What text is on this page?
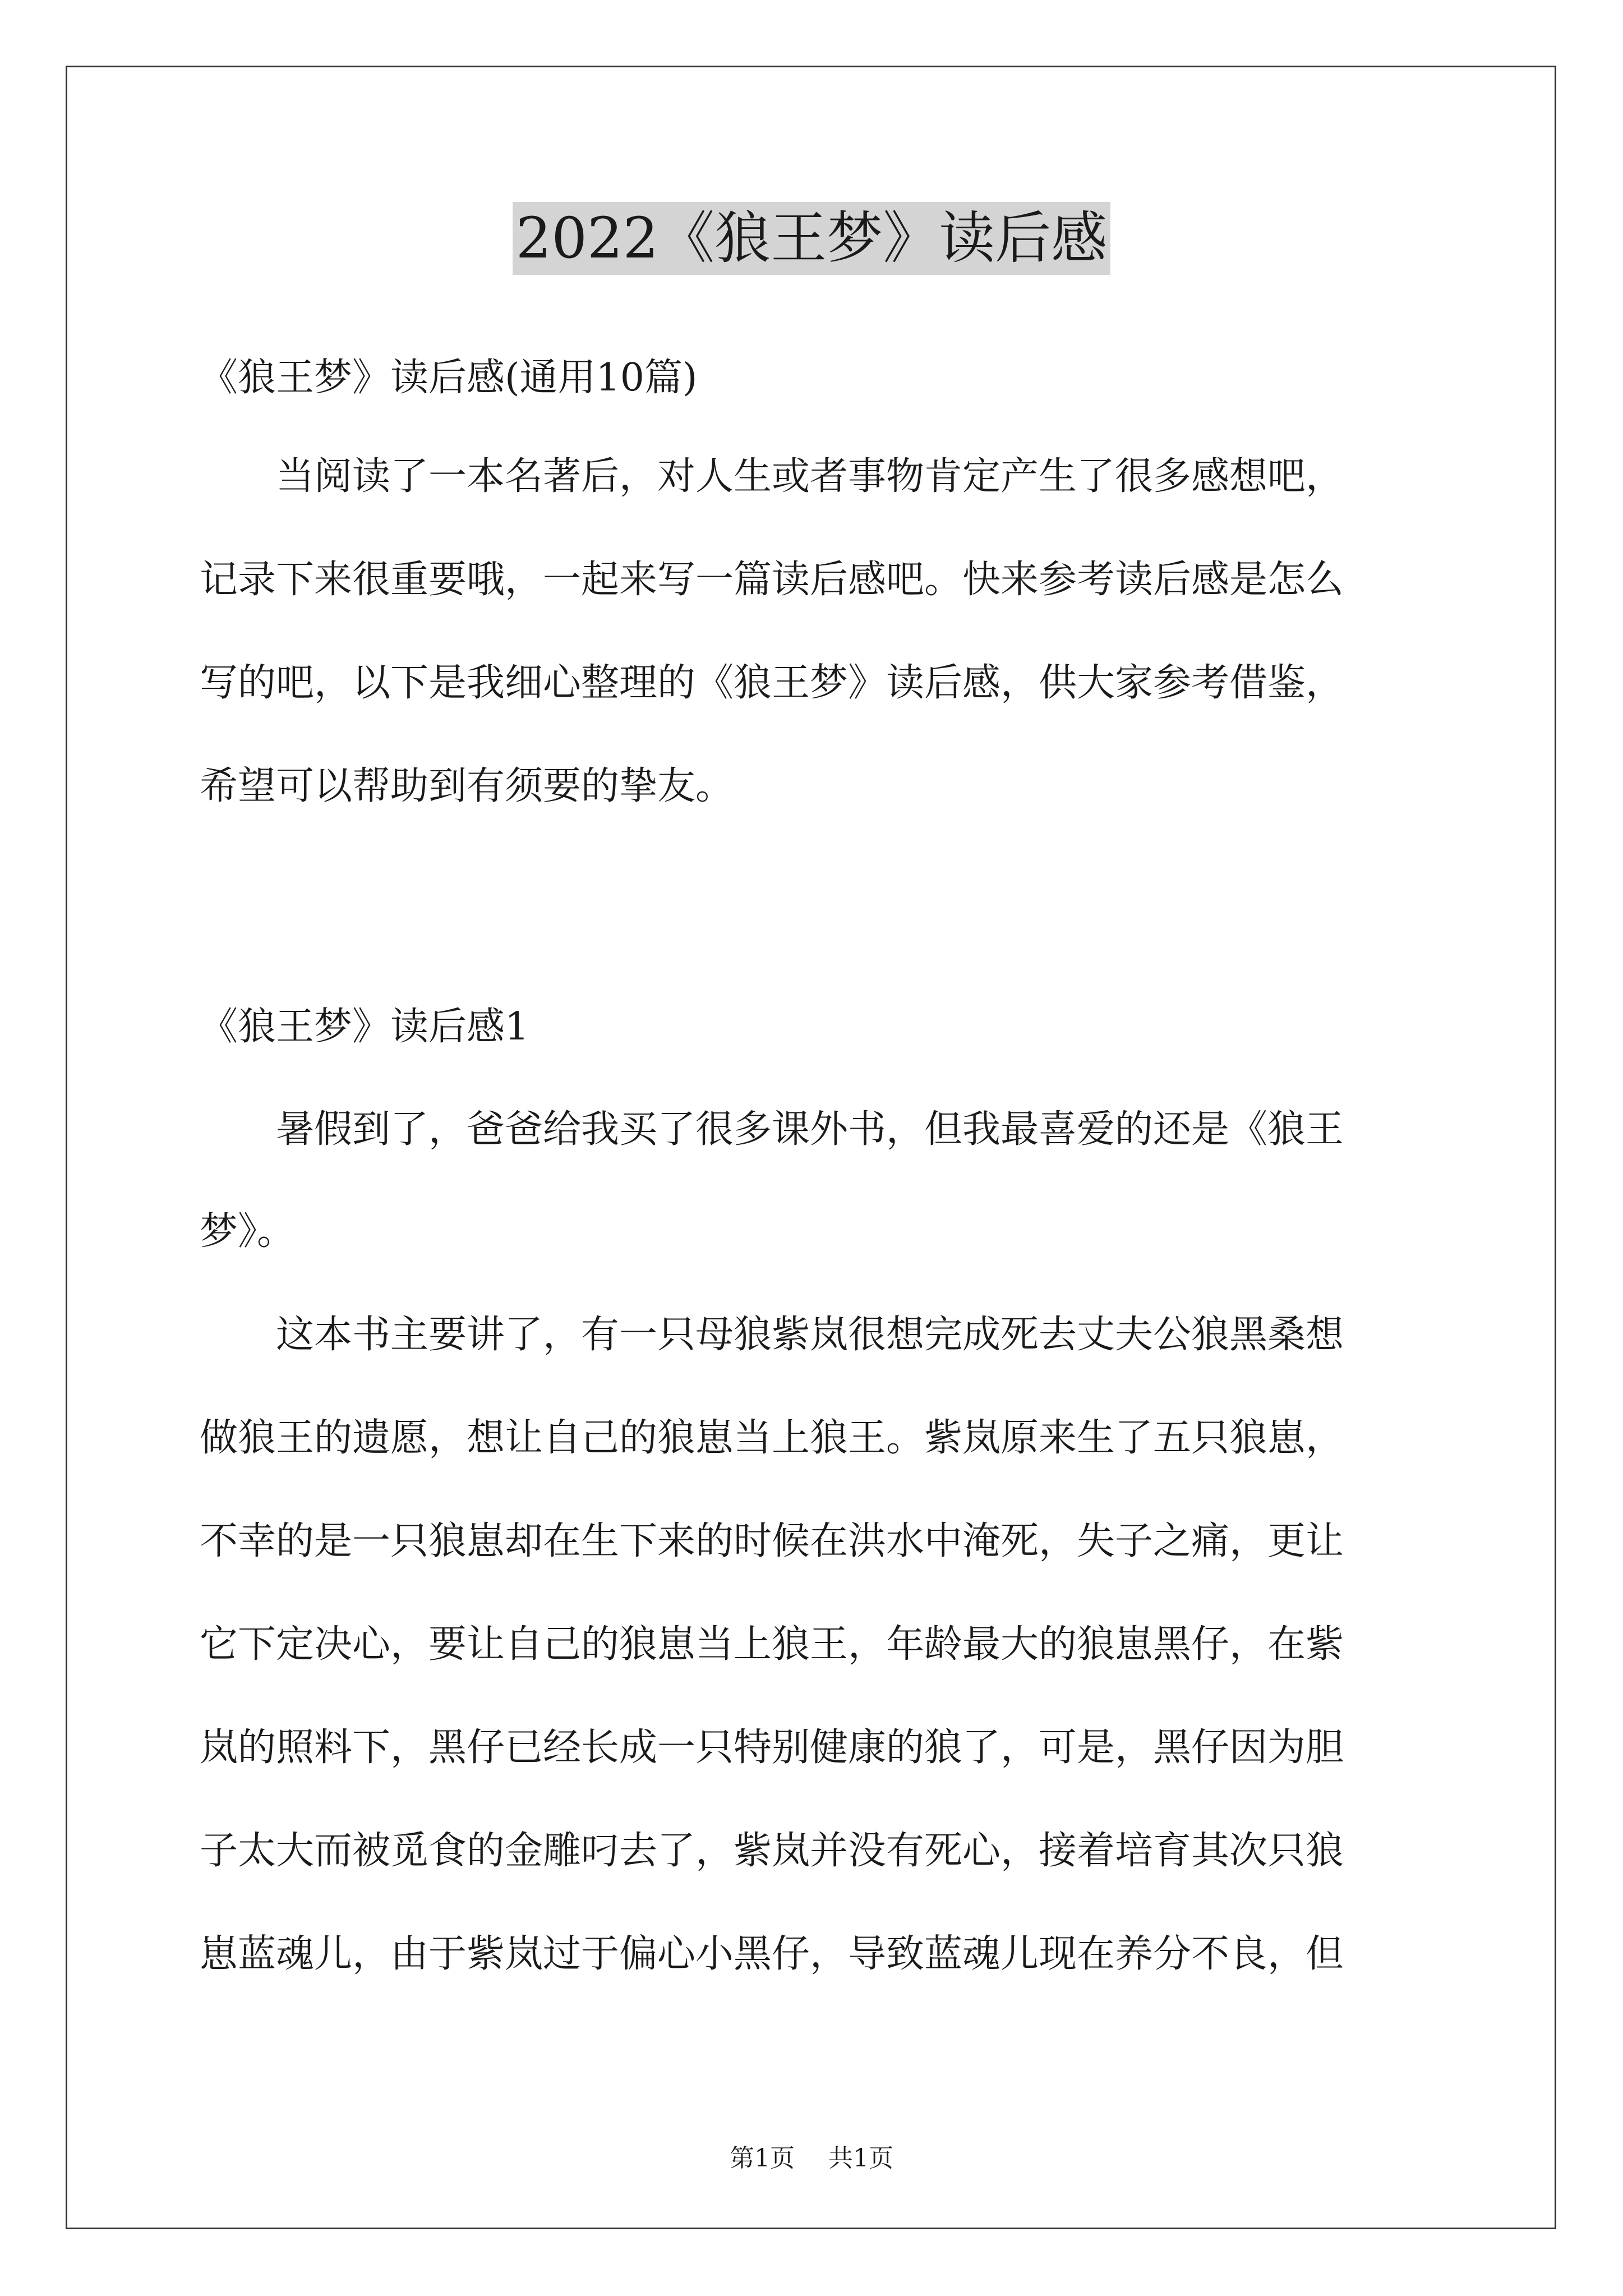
2022《狼王梦》读后感
《狼王梦》读后感(通用10篇)
　　当阅读了一本名著后，对人生或者事物肯定产生了很多感想吧，
记录下来很重要哦，一起来写一篇读后感吧。快来参考读后感是怎么
写的吧，以下是我细心整理的《狼王梦》读后感，供大家参考借鉴，
希望可以帮助到有须要的挚友。
《狼王梦》读后感1
　　暑假到了，爸爸给我买了很多课外书，但我最喜爱的还是《狼王
梦》。
　　这本书主要讲了，有一只母狼紫岚很想完成死去丈夫公狼黑桑想
做狼王的遗愿，想让自己的狼崽当上狼王。紫岚原来生了五只狼崽，
不幸的是一只狼崽却在生下来的时候在洪水中淹死，失子之痛，更让
它下定决心，要让自己的狼崽当上狼王，年龄最大的狼崽黑仔，在紫
岚的照料下，黑仔已经长成一只特别健康的狼了，可是，黑仔因为胆
子太大而被觅食的金雕叼去了，紫岚并没有死心，接着培育其次只狼
崽蓝魂儿，由于紫岚过于偏心小黑仔，导致蓝魂儿现在养分不良，但
第1页 共1页
